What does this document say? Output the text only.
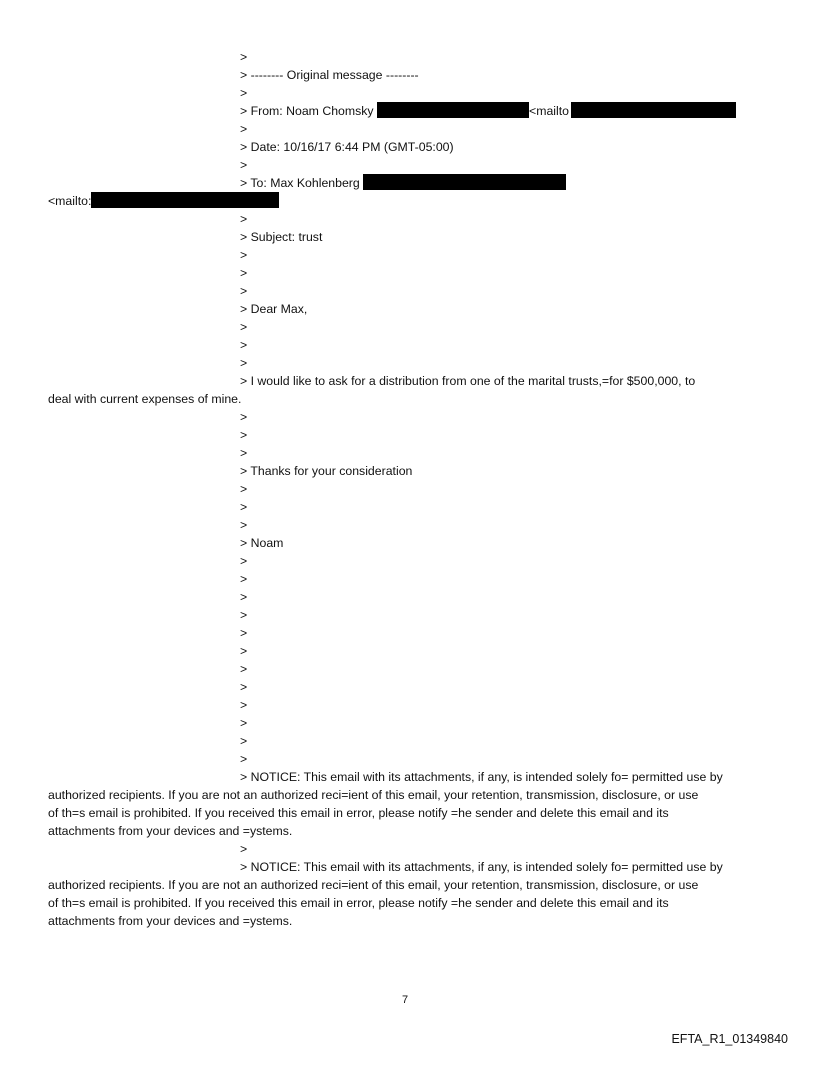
>
> -------- Original message --------
>
> From: Noam Chomsky	<mailto
>
> Date: 10/16/17 6:44 PM (GMT-05:00)
>
> To: Max Kohlenberg
<mailto:
>
> Subject: trust
>
>
>
> Dear Max,
>
>
>
> I would like to ask for a distribution from one of the marital trusts,=for $500,000, to
deal with current expenses of mine.
>
>
>
> Thanks for your consideration
>
>
>
> Noam
>
>
>
>
>
>
>
>
>
>
>
>
> NOTICE: This email with its attachments, if any, is intended solely fo= permitted use by
authorized recipients. If you are not an authorized reci=ient of this email, your retention, transmission, disclosure, or use
of th=s email is prohibited. If you received this email in error, please notify =he sender and delete this email and its
attachments from your devices and =ystems.
>
> NOTICE: This email with its attachments, if any, is intended solely fo= permitted use by
authorized recipients. If you are not an authorized reci=ient of this email, your retention, transmission, disclosure, or use
of th=s email is prohibited. If you received this email in error, please notify =he sender and delete this email and its
attachments from your devices and =ystems.
7
EFTA_R1_01349840
